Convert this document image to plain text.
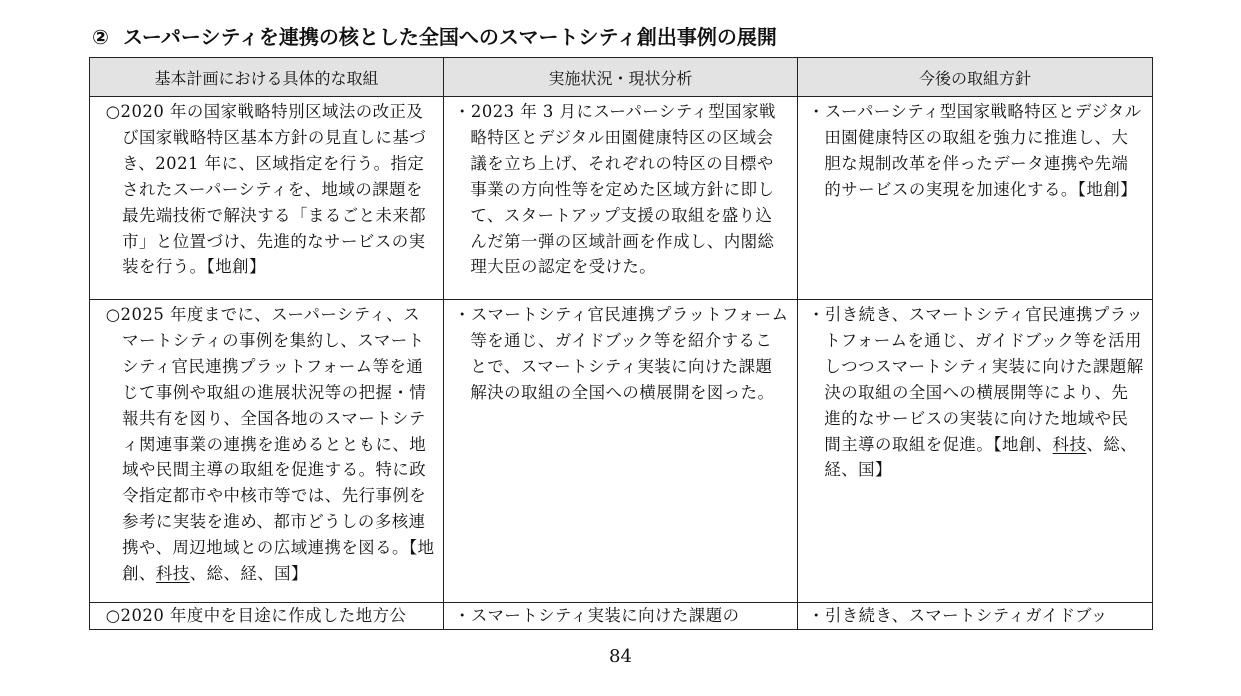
② スーパーシティを連携の核とした全国へのスマートシティ創出事例の展開
基本計画における具体的な取組	実施状況・現状分析	今後の取組方針

○2020 年の国家戦略特別区域法の改正及び国家戦略特区基本方針の見直しに基づき、2021 年に、区域指定を行う。指定されたスーパーシティを、地域の課題を最先端技術で解決する「まるごと未来都市」と位置づけ、先進的なサービスの実装を行う。【地創】	・2023 年 3 月にスーパーシティ型国家戦略特区とデジタル田園健康特区の区域会議を立ち上げ、それぞれの特区の目標や事業の方向性等を定めた区域方針に即して、スタートアップ支援の取組を盛り込んだ第一弾の区域計画を作成し、内閣総理大臣の認定を受けた。	・スーパーシティ型国家戦略特区とデジタル田園健康特区の取組を強力に推進し、大胆な規制改革を伴ったデータ連携や先端的サービスの実現を加速化する。【地創】

○2025 年度までに、スーパーシティ、スマートシティの事例を集約し、スマートシティ官民連携プラットフォーム等を通じて事例や取組の進展状況等の把握・情報共有を図り、全国各地のスマートシティ関連事業の連携を進めるとともに、地域や民間主導の取組を促進する。特に政令指定都市や中核市等では、先行事例を参考に実装を進め、都市どうしの多核連携や、周辺地域との広域連携を図る。【地創、科技、総、経、国】	・スマートシティ官民連携プラットフォーム等を通じ、ガイドブック等を紹介することで、スマートシティ実装に向けた課題解決の取組の全国への横展開を図った。	・引き続き、スマートシティ官民連携プラットフォームを通じ、ガイドブック等を活用しつつスマートシティ実装に向けた課題解決の取組の全国への横展開等により、先進的なサービスの実装に向けた地域や民間主導の取組を促進。【地創、科技、総、経、国】

○2020 年度中を目途に作成した地方公	・スマートシティ実装に向けた課題の	・引き続き、スマートシティガイドブッ

84
